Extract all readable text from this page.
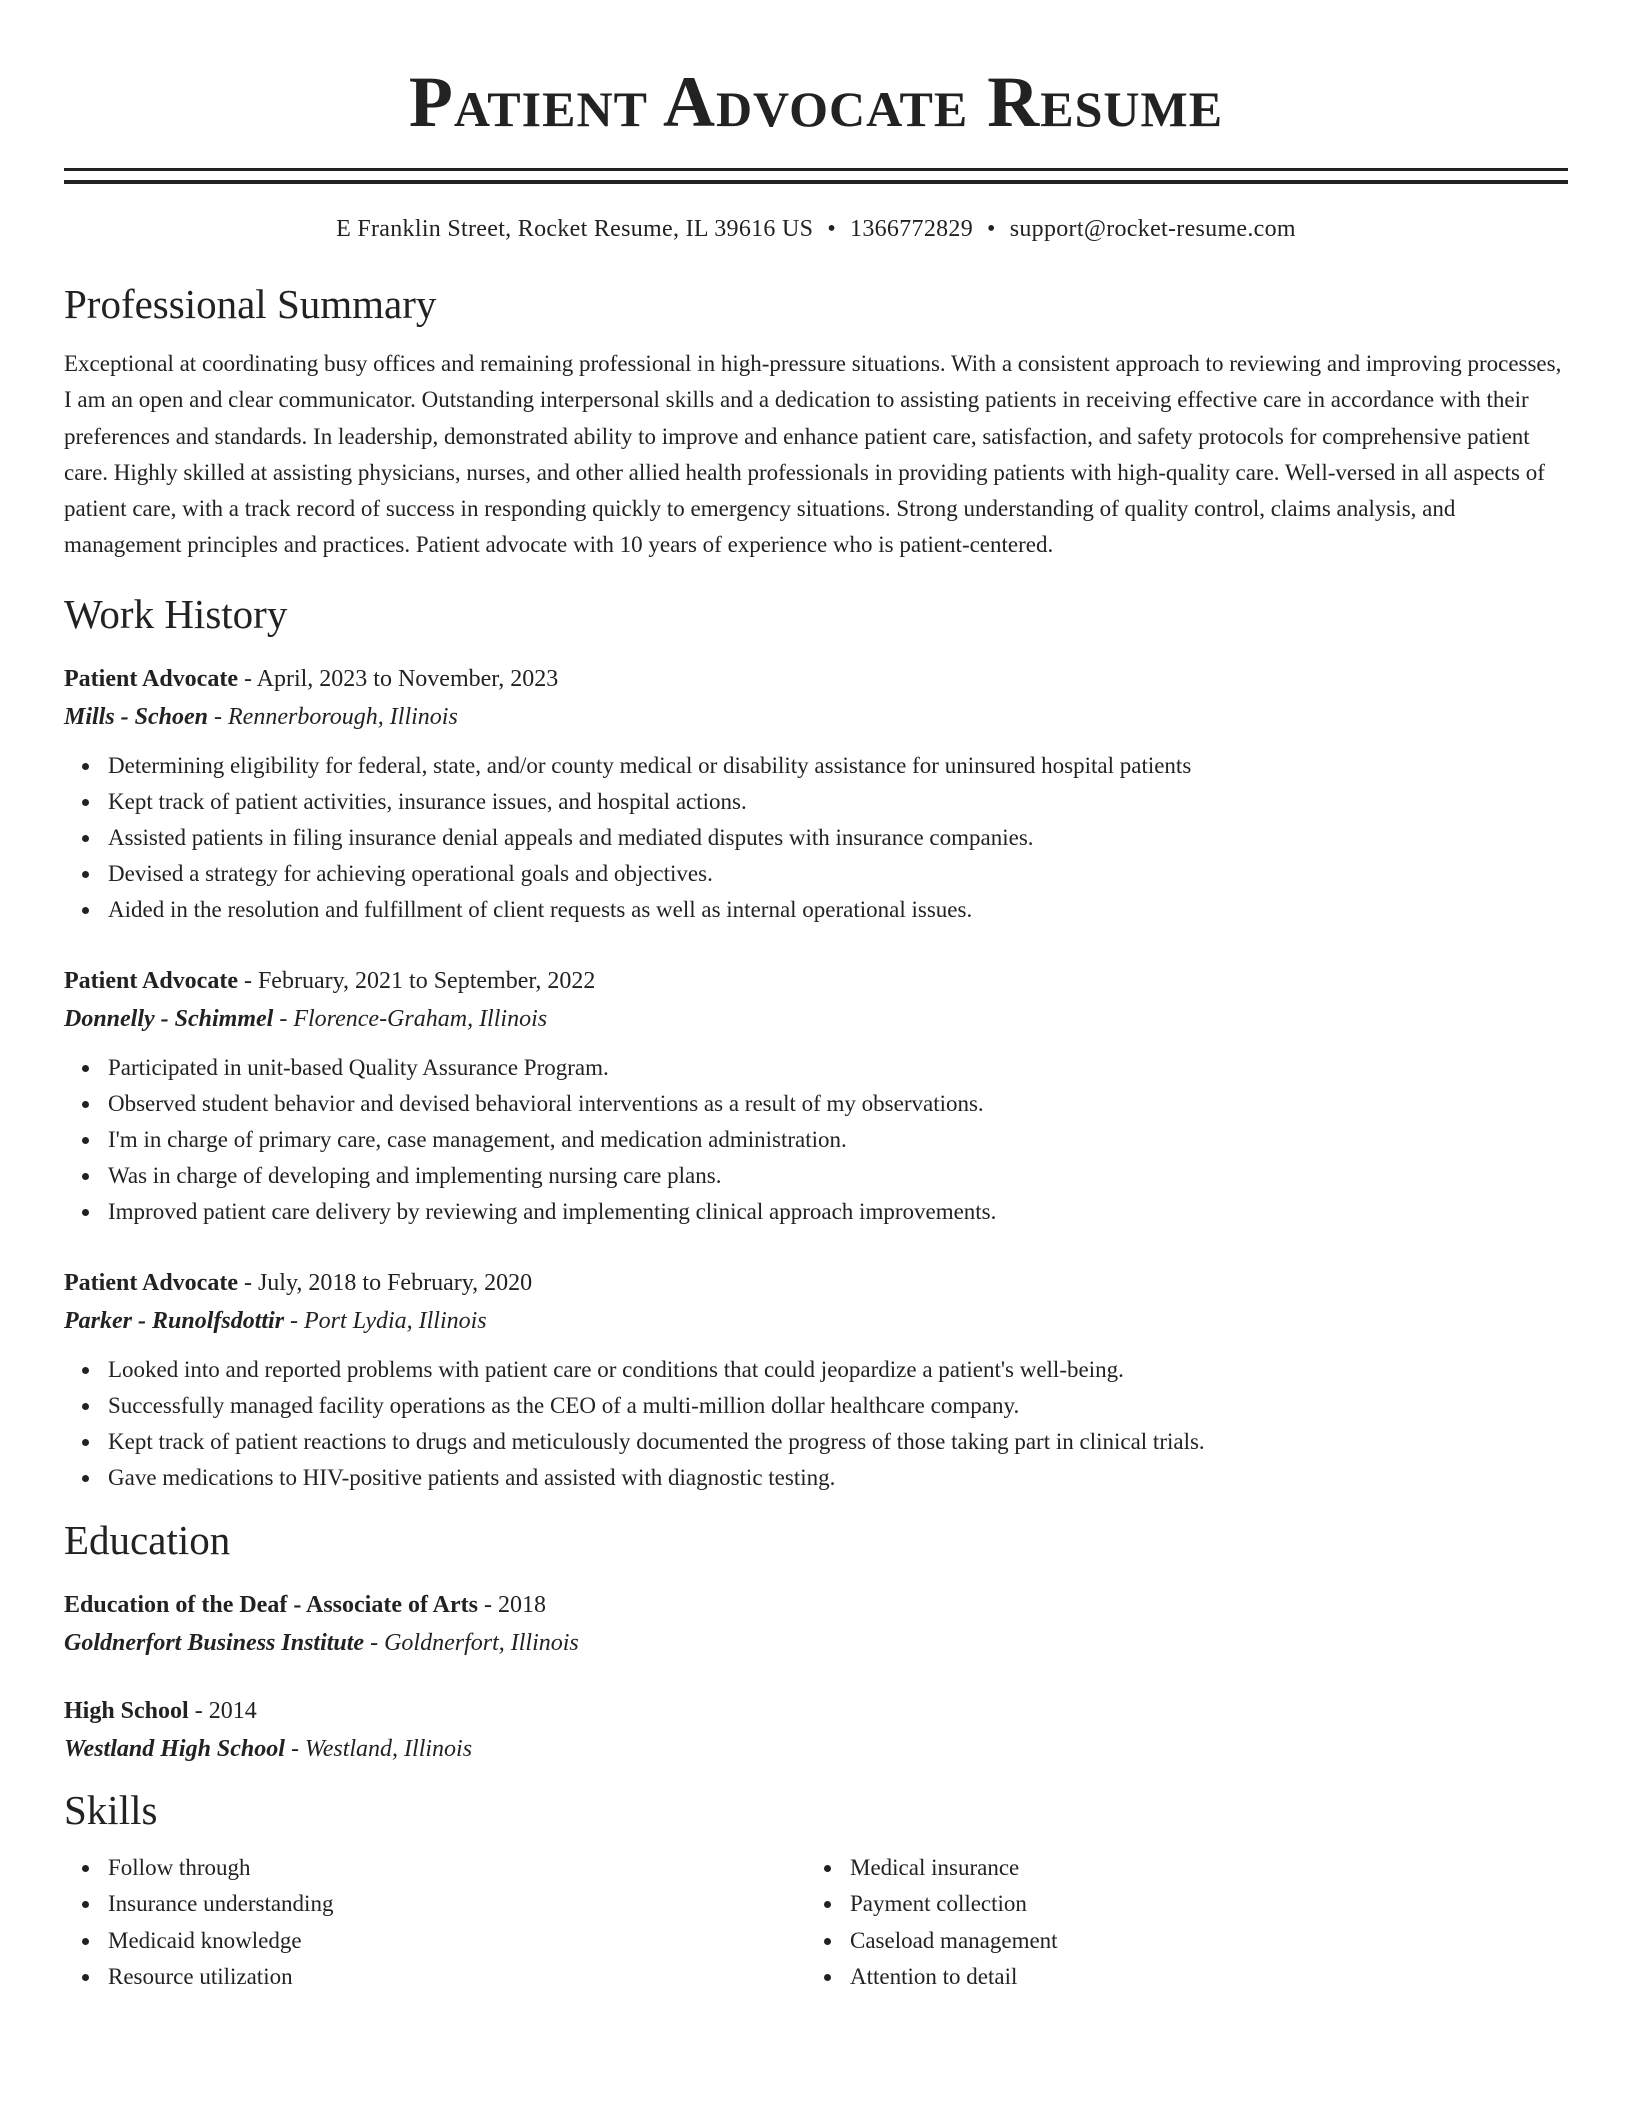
Patient Advocate Resume
E Franklin Street, Rocket Resume, IL 39616 US • 1366772829 • support@rocket-resume.com
Professional Summary

Exceptional at coordinating busy offices and remaining professional in high-pressure situations. With a consistent approach to reviewing and improving processes, I am an open and clear communicator. Outstanding interpersonal skills and a dedication to assisting patients in receiving effective care in accordance with their preferences and standards. In leadership, demonstrated ability to improve and enhance patient care, satisfaction, and safety protocols for comprehensive patient care. Highly skilled at assisting physicians, nurses, and other allied health professionals in providing patients with high-quality care. Well-versed in all aspects of patient care, with a track record of success in responding quickly to emergency situations. Strong understanding of quality control, claims analysis, and management principles and practices. Patient advocate with 10 years of experience who is patient-centered.

Work History
Patient Advocate - April, 2023 to November, 2023
Mills - Schoen - Rennerborough, Illinois
Determining eligibility for federal, state, and/or county medical or disability assistance for uninsured hospital patients
Kept track of patient activities, insurance issues, and hospital actions.
Assisted patients in filing insurance denial appeals and mediated disputes with insurance companies.
Devised a strategy for achieving operational goals and objectives.
Aided in the resolution and fulfillment of client requests as well as internal operational issues.
Patient Advocate - February, 2021 to September, 2022
Donnelly - Schimmel - Florence-Graham, Illinois
Participated in unit-based Quality Assurance Program.
Observed student behavior and devised behavioral interventions as a result of my observations.
I'm in charge of primary care, case management, and medication administration.
Was in charge of developing and implementing nursing care plans.
Improved patient care delivery by reviewing and implementing clinical approach improvements.
Patient Advocate - July, 2018 to February, 2020
Parker - Runolfsdottir - Port Lydia, Illinois
Looked into and reported problems with patient care or conditions that could jeopardize a patient's well-being.
Successfully managed facility operations as the CEO of a multi-million dollar healthcare company.
Kept track of patient reactions to drugs and meticulously documented the progress of those taking part in clinical trials.
Gave medications to HIV-positive patients and assisted with diagnostic testing.
Education
Education of the Deaf - Associate of Arts - 2018
Goldnerfort Business Institute - Goldnerfort, Illinois
High School - 2014
Westland High School - Westland, Illinois
Skills
Follow through
Insurance understanding
Medicaid knowledge
Resource utilization
Medical insurance
Payment collection
Caseload management
Attention to detail
